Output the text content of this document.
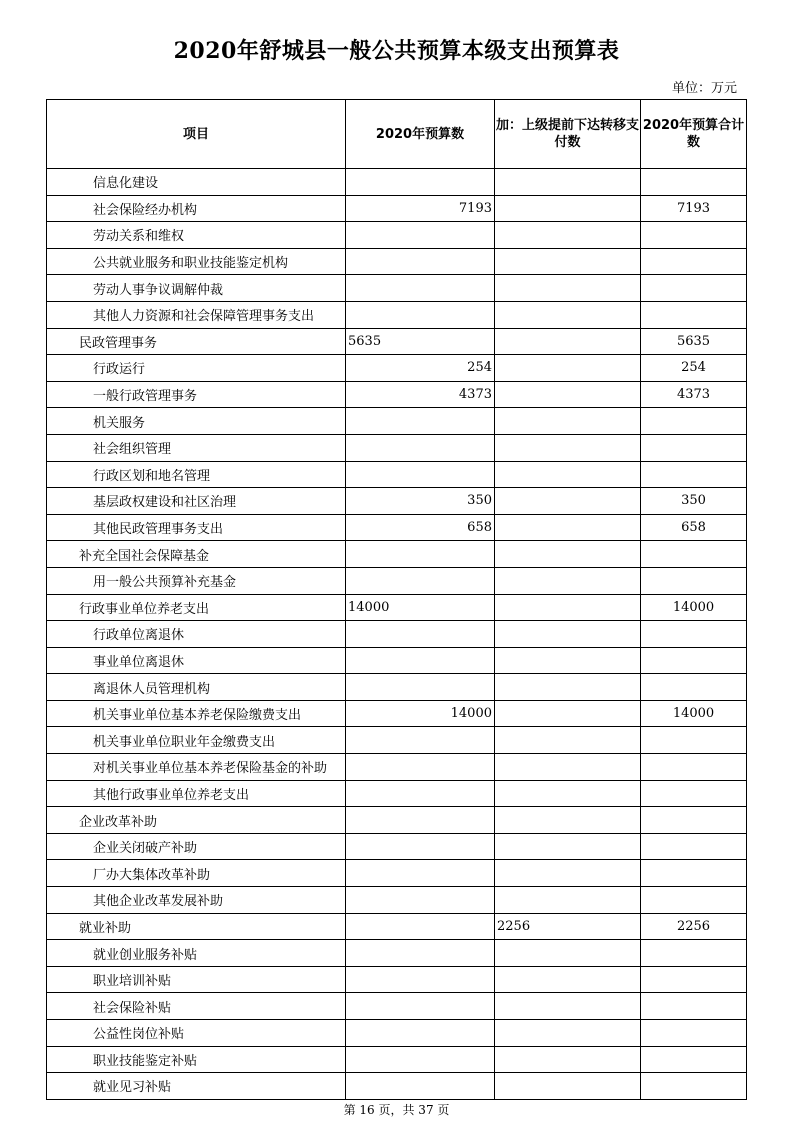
2020年舒城县一般公共预算本级支出预算表
单位：万元
项目	2020年预算数	加：上级提前下达转移支付数	2020年预算合计数
信息化建设			
社会保险经办机构	7193		7193
劳动关系和维权			
公共就业服务和职业技能鉴定机构			
劳动人事争议调解仲裁			
其他人力资源和社会保障管理事务支出			
民政管理事务	5635		5635
行政运行	254		254
一般行政管理事务	4373		4373
机关服务			
社会组织管理			
行政区划和地名管理			
基层政权建设和社区治理	350		350
其他民政管理事务支出	658		658
补充全国社会保障基金			
用一般公共预算补充基金			
行政事业单位养老支出	14000		14000
行政单位离退休			
事业单位离退休			
离退休人员管理机构			
机关事业单位基本养老保险缴费支出	14000		14000
机关事业单位职业年金缴费支出			
对机关事业单位基本养老保险基金的补助			
其他行政事业单位养老支出			
企业改革补助			
企业关闭破产补助			
厂办大集体改革补助			
其他企业改革发展补助			
就业补助		2256	2256
就业创业服务补贴			
职业培训补贴			
社会保险补贴			
公益性岗位补贴			
职业技能鉴定补贴			
就业见习补贴			
第 16 页，共 37 页
